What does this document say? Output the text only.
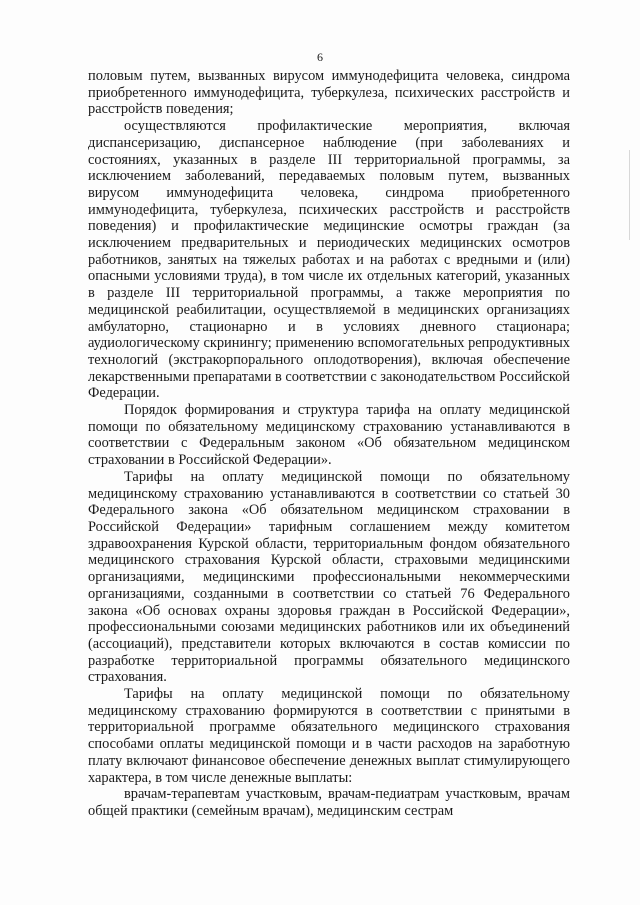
6

половым путем, вызванных вирусом иммунодефицита человека, синдрома приобретенного иммунодефицита, туберкулеза, психических расстройств и расстройств поведения;

осуществляются профилактические мероприятия, включая диспансеризацию, диспансерное наблюдение (при заболеваниях и состояниях, указанных в разделе III территориальной программы, за исключением заболеваний, передаваемых половым путем, вызванных вирусом иммунодефицита человека, синдрома приобретенного иммунодефицита, туберкулеза, психических расстройств и расстройств поведения) и профилактические медицинские осмотры граждан (за исключением предварительных и периодических медицинских осмотров работников, занятых на тяжелых работах и на работах с вредными и (или) опасными условиями труда), в том числе их отдельных категорий, указанных в разделе III территориальной программы, а также мероприятия по медицинской реабилитации, осуществляемой в медицинских организациях амбулаторно, стационарно и в условиях дневного стационара; аудиологическому скринингу; применению вспомогательных репродуктивных технологий (экстракорпорального оплодотворения), включая обеспечение лекарственными препаратами в соответствии с законодательством Российской Федерации.

Порядок формирования и структура тарифа на оплату медицинской помощи по обязательному медицинскому страхованию устанавливаются в соответствии с Федеральным законом «Об обязательном медицинском страховании в Российской Федерации».

Тарифы на оплату медицинской помощи по обязательному медицинскому страхованию устанавливаются в соответствии со статьей 30 Федерального закона «Об обязательном медицинском страховании в Российской Федерации» тарифным соглашением между комитетом здравоохранения Курской области, территориальным фондом обязательного медицинского страхования Курской области, страховыми медицинскими организациями, медицинскими профессиональными некоммерческими организациями, созданными в соответствии со статьей 76 Федерального закона «Об основах охраны здоровья граждан в Российской Федерации», профессиональными союзами медицинских работников или их объединений (ассоциаций), представители которых включаются в состав комиссии по разработке территориальной программы обязательного медицинского страхования.

Тарифы на оплату медицинской помощи по обязательному медицинскому страхованию формируются в соответствии с принятыми в территориальной программе обязательного медицинского страхования способами оплаты медицинской помощи и в части расходов на заработную плату включают финансовое обеспечение денежных выплат стимулирующего характера, в том числе денежные выплаты:

врачам-терапевтам участковым, врачам-педиатрам участковым, врачам общей практики (семейным врачам), медицинским сестрам
